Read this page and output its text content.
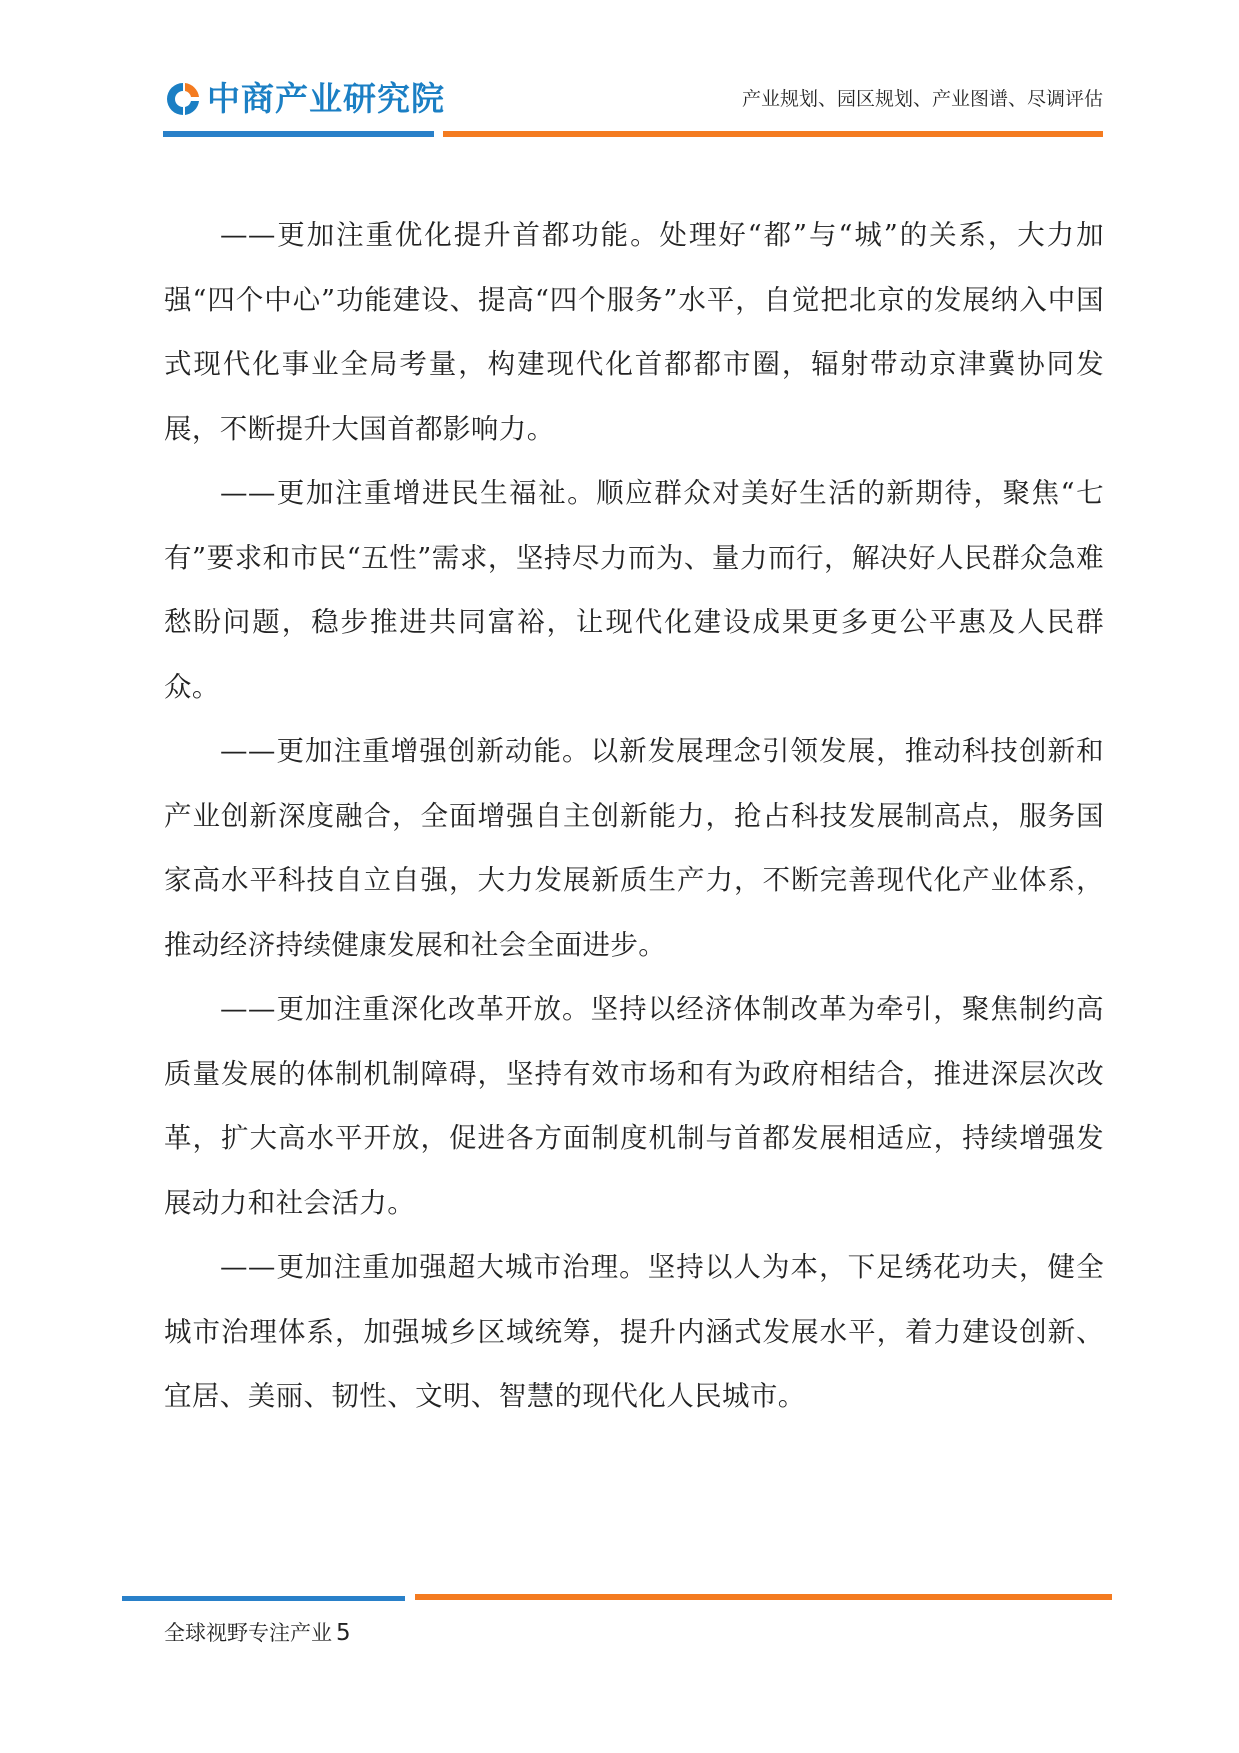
中商产业研究院	产业规划、园区规划、产业图谱、尽调评估

——更加注重优化提升首都功能。处理好“都”与“城”的关系，大力加强“四个中心”功能建设、提高“四个服务”水平，自觉把北京的发展纳入中国式现代化事业全局考量，构建现代化首都都市圈，辐射带动京津冀协同发展，不断提升大国首都影响力。

——更加注重增进民生福祉。顺应群众对美好生活的新期待，聚焦“七有”要求和市民“五性”需求，坚持尽力而为、量力而行，解决好人民群众急难愁盼问题，稳步推进共同富裕，让现代化建设成果更多更公平惠及人民群众。

——更加注重增强创新动能。以新发展理念引领发展，推动科技创新和产业创新深度融合，全面增强自主创新能力，抢占科技发展制高点，服务国家高水平科技自立自强，大力发展新质生产力，不断完善现代化产业体系，推动经济持续健康发展和社会全面进步。

——更加注重深化改革开放。坚持以经济体制改革为牵引，聚焦制约高质量发展的体制机制障碍，坚持有效市场和有为政府相结合，推进深层次改革，扩大高水平开放，促进各方面制度机制与首都发展相适应，持续增强发展动力和社会活力。

——更加注重加强超大城市治理。坚持以人为本，下足绣花功夫，健全城市治理体系，加强城乡区域统筹，提升内涵式发展水平，着力建设创新、宜居、美丽、韧性、文明、智慧的现代化人民城市。

全球视野专注产业 5
